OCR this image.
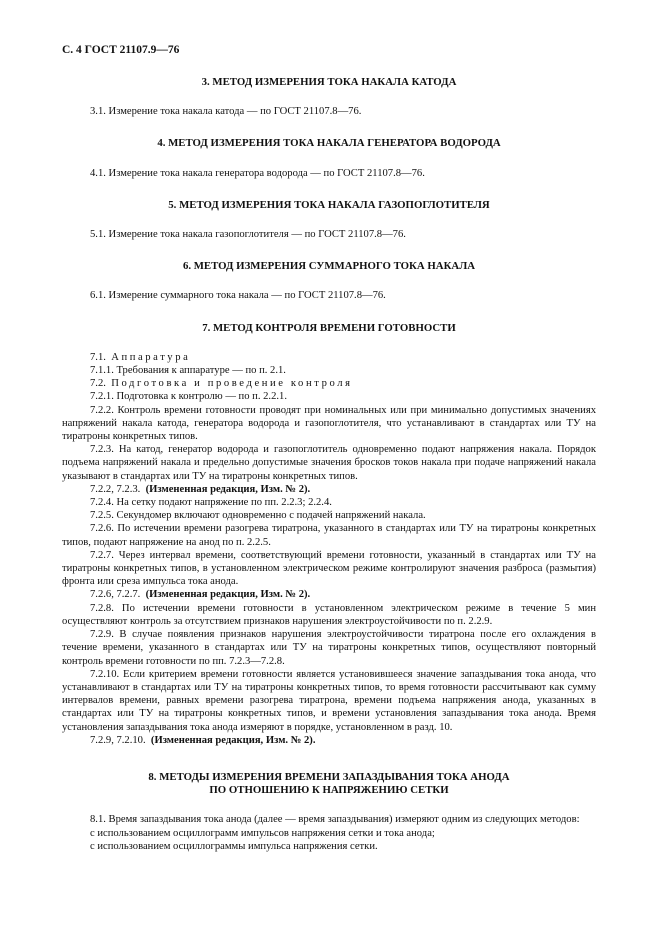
С. 4 ГОСТ 21107.9—76
3. МЕТОД ИЗМЕРЕНИЯ ТОКА НАКАЛА КАТОДА

3.1. Измерение тока накала катода — по ГОСТ 21107.8—76.

4. МЕТОД ИЗМЕРЕНИЯ ТОКА НАКАЛА ГЕНЕРАТОРА ВОДОРОДА

4.1. Измерение тока накала генератора водорода — по ГОСТ 21107.8—76.

5. МЕТОД ИЗМЕРЕНИЯ ТОКА НАКАЛА ГАЗОПОГЛОТИТЕЛЯ

5.1. Измерение тока накала газопоглотителя — по ГОСТ 21107.8—76.

6. МЕТОД ИЗМЕРЕНИЯ СУММАРНОГО ТОКА НАКАЛА

6.1. Измерение суммарного тока накала — по ГОСТ 21107.8—76.

7. МЕТОД КОНТРОЛЯ ВРЕМЕНИ ГОТОВНОСТИ

7.1. Аппаратура

7.1.1. Требования к аппаратуре — по п. 2.1.

7.2. Подготовка и проведение контроля

7.2.1. Подготовка к контролю — по п. 2.2.1.

7.2.2. Контроль времени готовности проводят при номинальных или при минимально допустимых значениях напряжений накала катода, генератора водорода и газопоглотителя, что устанавливают в стандартах или ТУ на тиратроны конкретных типов.

7.2.3. На катод, генератор водорода и газопоглотитель одновременно подают напряжения накала. Порядок подъема напряжений накала и предельно допустимые значения бросков токов накала при подаче напряжений накала указывают в стандартах или ТУ на тиратроны конкретных типов.

7.2.2, 7.2.3. (Измененная редакция, Изм. № 2).

7.2.4. На сетку подают напряжение по пп. 2.2.3; 2.2.4.

7.2.5. Секундомер включают одновременно с подачей напряжений накала.

7.2.6. По истечении времени разогрева тиратрона, указанного в стандартах или ТУ на тиратроны конкретных типов, подают напряжение на анод по п. 2.2.5.

7.2.7. Через интервал времени, соответствующий времени готовности, указанный в стандартах или ТУ на тиратроны конкретных типов, в установленном электрическом режиме контролируют значения разброса (размытия) фронта или среза импульса тока анода.

7.2.6, 7.2.7. (Измененная редакция, Изм. № 2).

7.2.8. По истечении времени готовности в установленном электрическом режиме в течение 5 мин осуществляют контроль за отсутствием признаков нарушения электроустойчивости по п. 2.2.9.

7.2.9. В случае появления признаков нарушения электроустойчивости тиратрона после его охлаждения в течение времени, указанного в стандартах или ТУ на тиратроны конкретных типов, осуществляют повторный контроль времени готовности по пп. 7.2.3—7.2.8.

7.2.10. Если критерием времени готовности является установившееся значение запаздывания тока анода, что устанавливают в стандартах или ТУ на тиратроны конкретных типов, то время готовности рассчитывают как сумму интервалов времени, равных времени разогрева тиратрона, времени подъема напряжения анода, указанных в стандартах или ТУ на тиратроны конкретных типов, и времени установления запаздывания тока анода. Время установления запаздывания тока анода измеряют в порядке, установленном в разд. 10.

7.2.9, 7.2.10. (Измененная редакция, Изм. № 2).

8. МЕТОДЫ ИЗМЕРЕНИЯ ВРЕМЕНИ ЗАПАЗДЫВАНИЯ ТОКА АНОДА
ПО ОТНОШЕНИЮ К НАПРЯЖЕНИЮ СЕТКИ

8.1. Время запаздывания тока анода (далее — время запаздывания) измеряют одним из следующих методов:

с использованием осциллограмм импульсов напряжения сетки и тока анода;

с использованием осциллограммы импульса напряжения сетки.
